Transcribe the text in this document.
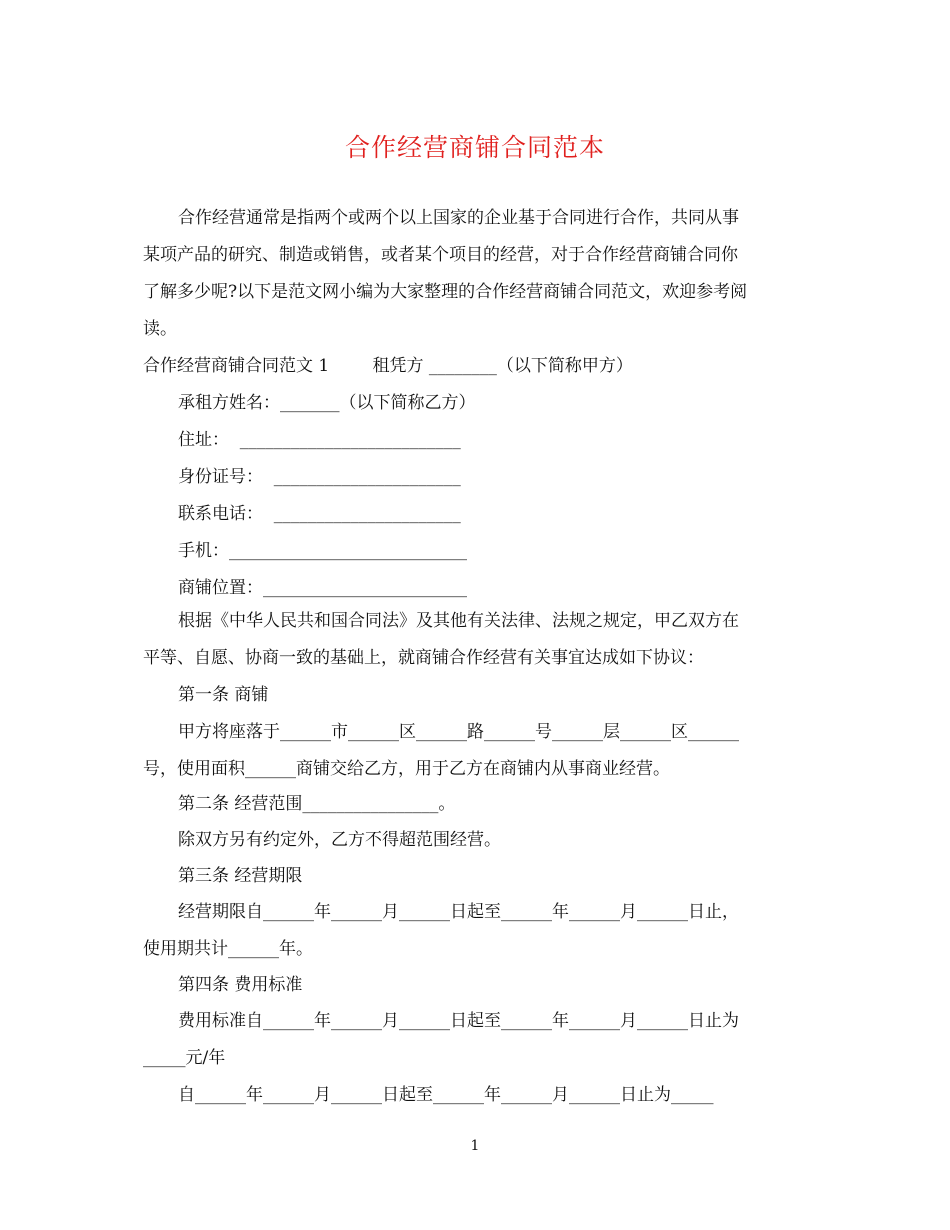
合作经营商铺合同范本
合作经营通常是指两个或两个以上国家的企业基于合同进行合作，共同从事
某项产品的研究、制造或销售，或者某个项目的经营，对于合作经营商铺合同你
了解多少呢?以下是范文网小编为大家整理的合作经营商铺合同范文，欢迎参考阅
读。
合作经营商铺合同范文 1        租凭方 ________（以下简称甲方）
承租方姓名：_______（以下简称乙方）
住址：  __________________________
身份证号：  ______________________
联系电话：  ______________________
手机：____________________________
商铺位置：________________________
根据《中华人民共和国合同法》及其他有关法律、法规之规定，甲乙双方在
平等、自愿、协商一致的基础上，就商铺合作经营有关事宜达成如下协议：
第一条 商铺
甲方将座落于______市______区______路______号______层______区______
号，使用面积______商铺交给乙方，用于乙方在商铺内从事商业经营。
第二条 经营范围________________。
除双方另有约定外，乙方不得超范围经营。
第三条 经营期限
经营期限自______年______月______日起至______年______月______日止，
使用期共计______年。
第四条 费用标准
费用标准自______年______月______日起至______年______月______日止为
_____元/年
自______年______月______日起至______年______月______日止为_____
1
